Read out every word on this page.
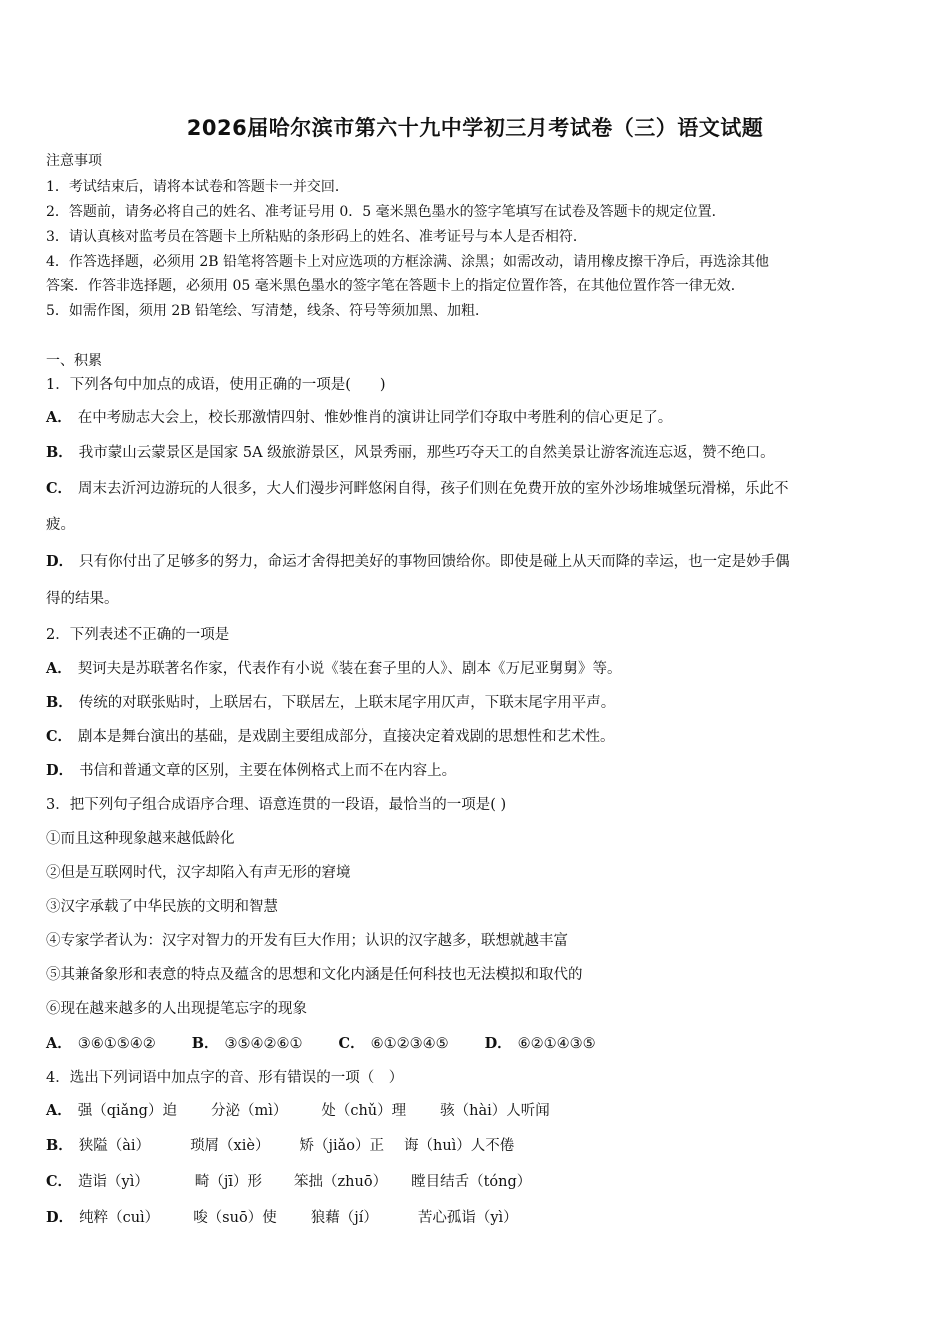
2026届哈尔滨市第六十九中学初三月考试卷（三）语文试题
注意事项
1．考试结束后，请将本试卷和答题卡一并交回．
2．答题前，请务必将自己的姓名、准考证号用 0．5 毫米黑色墨水的签字笔填写在试卷及答题卡的规定位置．
3．请认真核对监考员在答题卡上所粘贴的条形码上的姓名、准考证号与本人是否相符．
4．作答选择题，必须用 2B 铅笔将答题卡上对应选项的方框涂满、涂黑；如需改动，请用橡皮擦干净后，再选涂其他
答案．作答非选择题，必须用 05 毫米黑色墨水的签字笔在答题卡上的指定位置作答，在其他位置作答一律无效．
5．如需作图，须用 2B 铅笔绘、写清楚，线条、符号等须加黑、加粗．
一、积累
1．下列各句中加点的成语，使用正确的一项是(　　)
A． 在中考励志大会上，校长那激情四射、惟妙惟肖的演讲让同学们夺取中考胜利的信心更足了。
B． 我市蒙山云蒙景区是国家 5A 级旅游景区，风景秀丽，那些巧夺天工的自然美景让游客流连忘返，赞不绝口。
C． 周末去沂河边游玩的人很多，大人们漫步河畔悠闲自得，孩子们则在免费开放的室外沙场堆城堡玩滑梯，乐此不
疲。
D． 只有你付出了足够多的努力，命运才舍得把美好的事物回馈给你。即使是碰上从天而降的幸运，也一定是妙手偶
得的结果。
2．下列表述不正确的一项是
A． 契诃夫是苏联著名作家，代表作有小说《装在套子里的人》、剧本《万尼亚舅舅》等。
B． 传统的对联张贴时，上联居右，下联居左，上联末尾字用仄声，下联末尾字用平声。
C． 剧本是舞台演出的基础，是戏剧主要组成部分，直接决定着戏剧的思想性和艺术性。
D． 书信和普通文章的区别，主要在体例格式上而不在内容上。
3．把下列句子组合成语序合理、语意连贯的一段语，最恰当的一项是( )
①而且这种现象越来越低龄化
②但是互联网时代，汉字却陷入有声无形的窘境
③汉字承载了中华民族的文明和智慧
④专家学者认为：汉字对智力的开发有巨大作用；认识的汉字越多，联想就越丰富
⑤其兼备象形和表意的特点及蕴含的思想和文化内涵是任何科技也无法模拟和取代的
⑥现在越来越多的人出现提笔忘字的现象
A． ③⑥①⑤④② B． ③⑤④②⑥① C． ⑥①②③④⑤ D． ⑥②①④③⑤
4．选出下列词语中加点字的音、形有错误的一项（　）
A． 强（qiǎng）迫 分泌（mì） 处（chǔ）理 骇（hài）人听闻
B． 狭隘（ài）	琐屑（xiè） 矫（jiǎo）正 诲（huì）人不倦
C． 造诣（yì）	畸（jī）形 笨拙（zhuō） 瞠目结舌（tóng）
D． 纯粹（cuì） 唆（suō）使 狼藉（jí）	苦心孤诣（yì）
